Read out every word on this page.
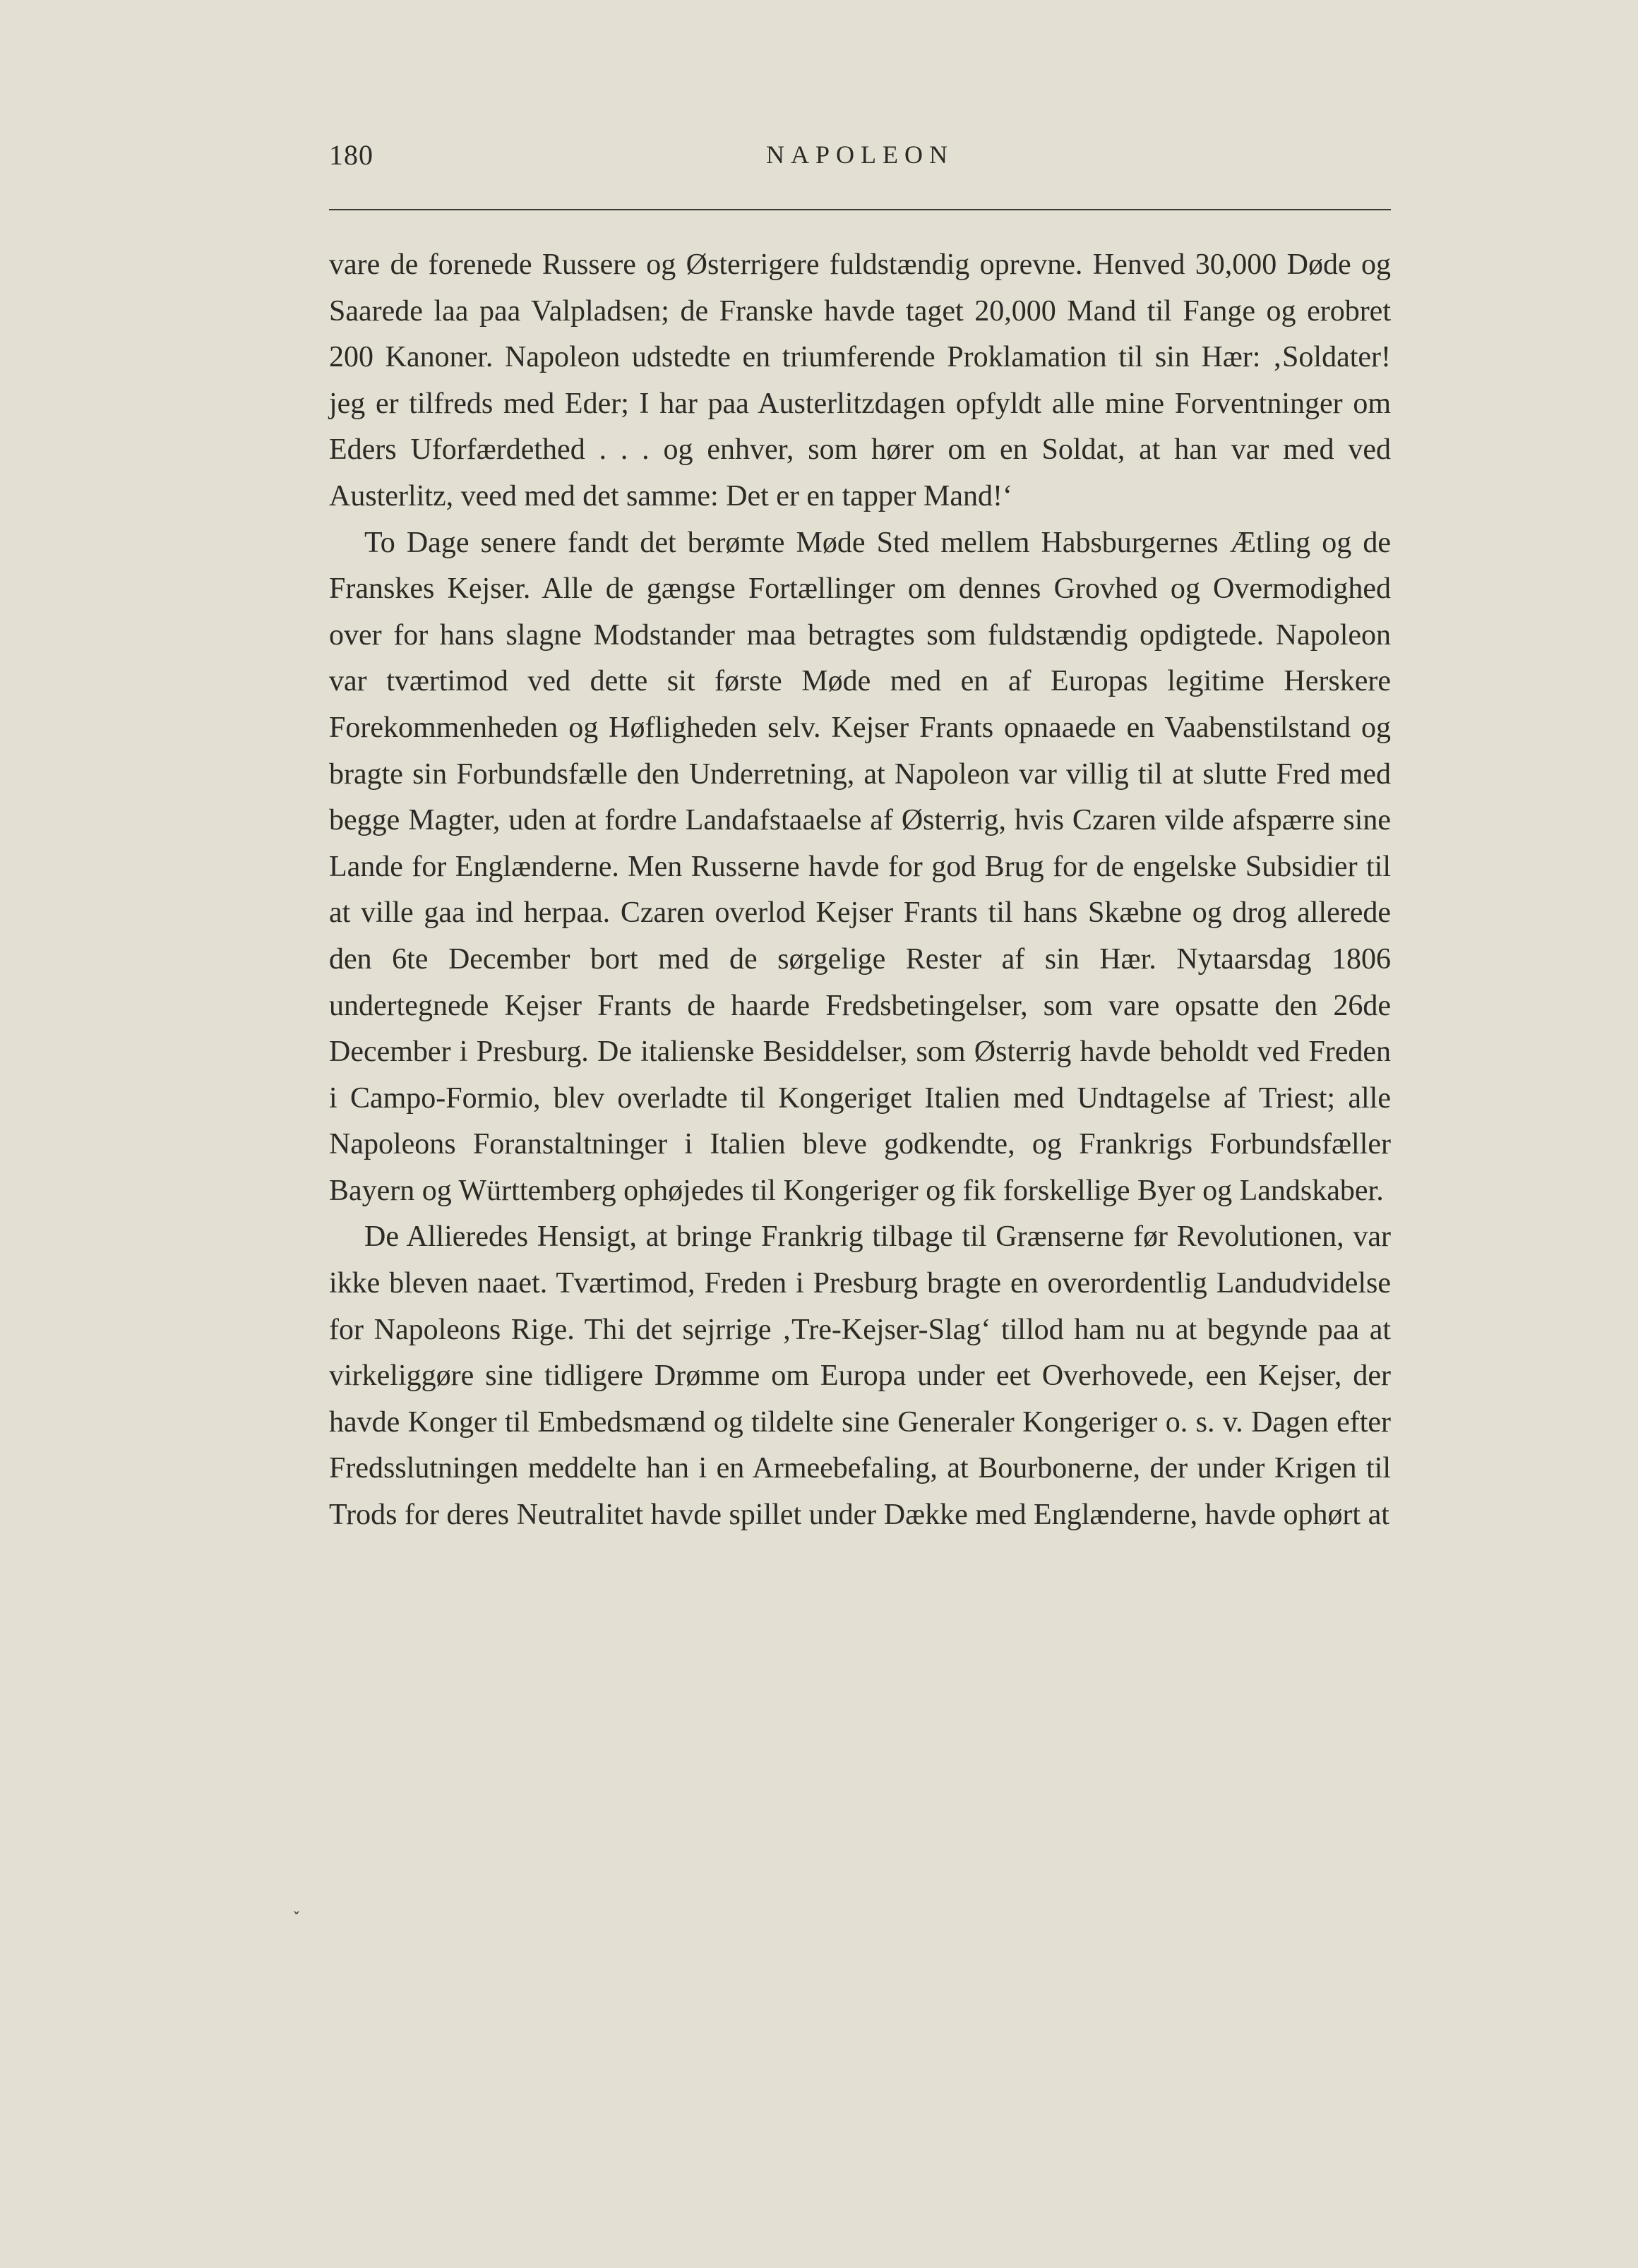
180	NAPOLEON

vare de forenede Russere og Østerrigere fuldstændig oprevne. Henved 30,000 Døde og Saarede laa paa Valpladsen; de Franske havde taget 20,000 Mand til Fange og erobret 200 Kanoner. Napoleon udstedte en triumferende Proklamation til sin Hær: ‚Soldater! jeg er tilfreds med Eder; I har paa Austerlitzdagen opfyldt alle mine Forventninger om Eders Uforfærdethed . . . og enhver, som hører om en Soldat, at han var med ved Austerlitz, veed med det samme: Det er en tapper Mand!‘

To Dage senere fandt det berømte Møde Sted mellem Habsburgernes Ætling og de Franskes Kejser. Alle de gængse Fortællinger om dennes Grovhed og Overmodighed over for hans slagne Modstander maa betragtes som fuldstændig opdigtede. Napoleon var tværtimod ved dette sit første Møde med en af Europas legitime Herskere Forekommenheden og Høfligheden selv. Kejser Frants opnaaede en Vaabenstilstand og bragte sin Forbundsfælle den Underretning, at Napoleon var villig til at slutte Fred med begge Magter, uden at fordre Landafstaaelse af Østerrig, hvis Czaren vilde afspærre sine Lande for Englænderne. Men Russerne havde for god Brug for de engelske Subsidier til at ville gaa ind herpaa. Czaren overlod Kejser Frants til hans Skæbne og drog allerede den 6te December bort med de sørgelige Rester af sin Hær. Nytaarsdag 1806 undertegnede Kejser Frants de haarde Fredsbetingelser, som vare opsatte den 26de December i Presburg. De italienske Besiddelser, som Østerrig havde beholdt ved Freden i Campo-Formio, blev overladte til Kongeriget Italien med Undtagelse af Triest; alle Napoleons Foranstaltninger i Italien bleve godkendte, og Frankrigs Forbundsfæller Bayern og Württemberg ophøjedes til Kongeriger og fik forskellige Byer og Landskaber.

De Allieredes Hensigt, at bringe Frankrig tilbage til Grænserne før Revolutionen, var ikke bleven naaet. Tværtimod, Freden i Presburg bragte en overordentlig Landudvidelse for Napoleons Rige. Thi det sejrrige ‚Tre-Kejser-Slag‘ tillod ham nu at begynde paa at virkeliggøre sine tidligere Drømme om Europa under eet Overhovede, een Kejser, der havde Konger til Embedsmænd og tildelte sine Generaler Kongeriger o. s. v. Dagen efter Fredsslutningen meddelte han i en Armeebefaling, at Bourbonerne, der under Krigen til Trods for deres Neutralitet havde spillet under Dække med Englænderne, havde ophørt at

˯
